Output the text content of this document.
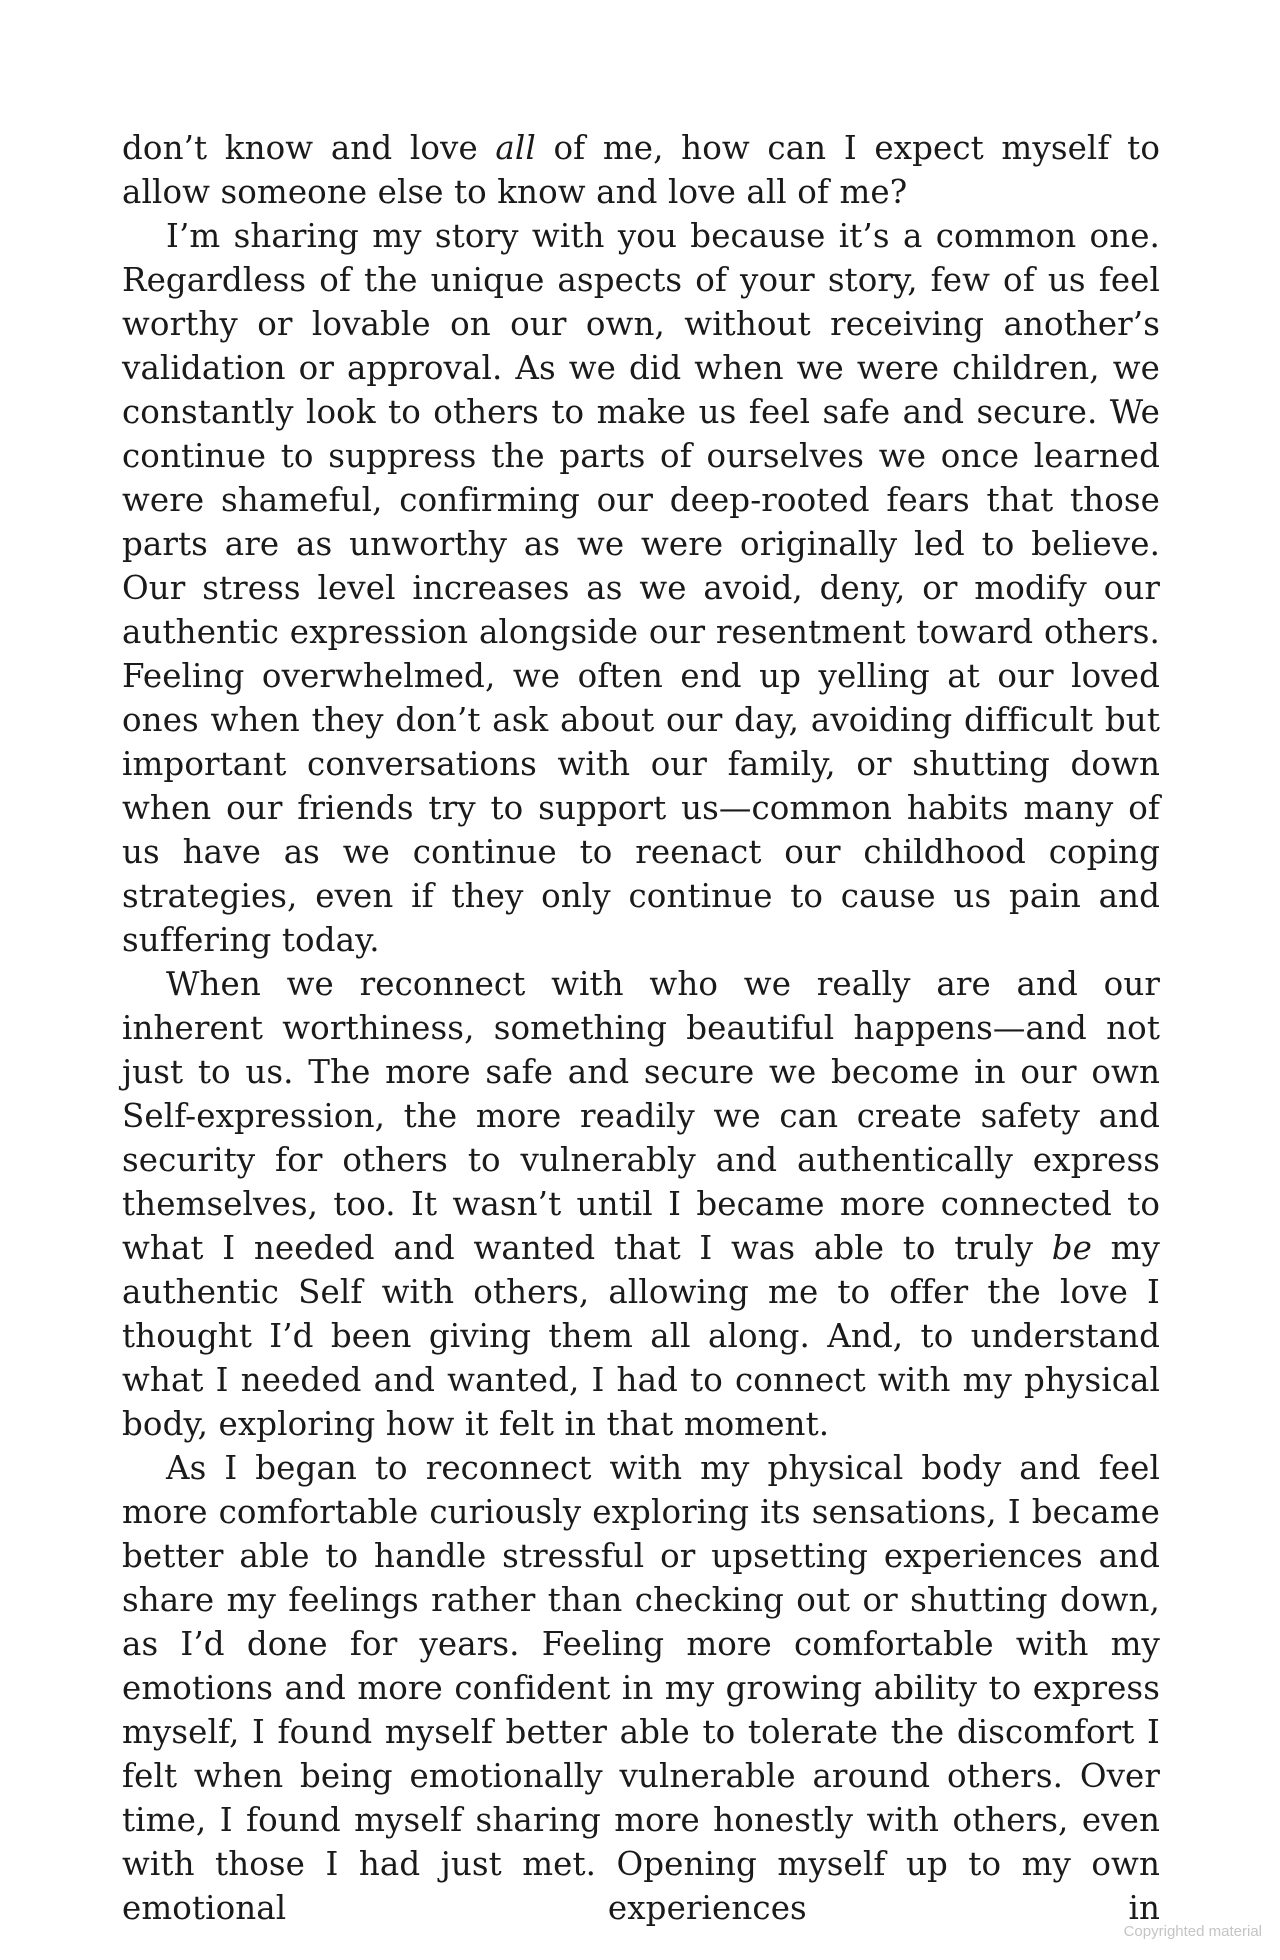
don’t know and love all of me, how can I expect myself to allow someone else to know and love all of me?

I’m sharing my story with you because it’s a common one. Regardless of the unique aspects of your story, few of us feel worthy or lovable on our own, without receiving another’s validation or approval. As we did when we were children, we constantly look to others to make us feel safe and secure. We continue to suppress the parts of ourselves we once learned were shameful, confirming our deep-rooted fears that those parts are as unworthy as we were originally led to believe. Our stress level increases as we avoid, deny, or modify our authentic expression alongside our resentment toward others. Feeling overwhelmed, we often end up yelling at our loved ones when they don’t ask about our day, avoiding difficult but important conversations with our family, or shutting down when our friends try to support us—common habits many of us have as we continue to reenact our childhood coping strategies, even if they only continue to cause us pain and suffering today.

When we reconnect with who we really are and our inherent worthiness, something beautiful happens—and not just to us. The more safe and secure we become in our own Self-expression, the more readily we can create safety and security for others to vulnerably and authentically express themselves, too. It wasn’t until I became more connected to what I needed and wanted that I was able to truly be my authentic Self with others, allowing me to offer the love I thought I’d been giving them all along. And, to understand what I needed and wanted, I had to connect with my physical body, exploring how it felt in that moment.

As I began to reconnect with my physical body and feel more comfortable curiously exploring its sensations, I became better able to handle stressful or upsetting experiences and share my feelings rather than checking out or shutting down, as I’d done for years. Feeling more comfortable with my emotions and more confident in my growing ability to express myself, I found myself better able to tolerate the discomfort I felt when being emotionally vulnerable around others. Over time, I found myself sharing more honestly with others, even with those I had just met. Opening myself up to my own emotional experiences in

Copyrighted material
